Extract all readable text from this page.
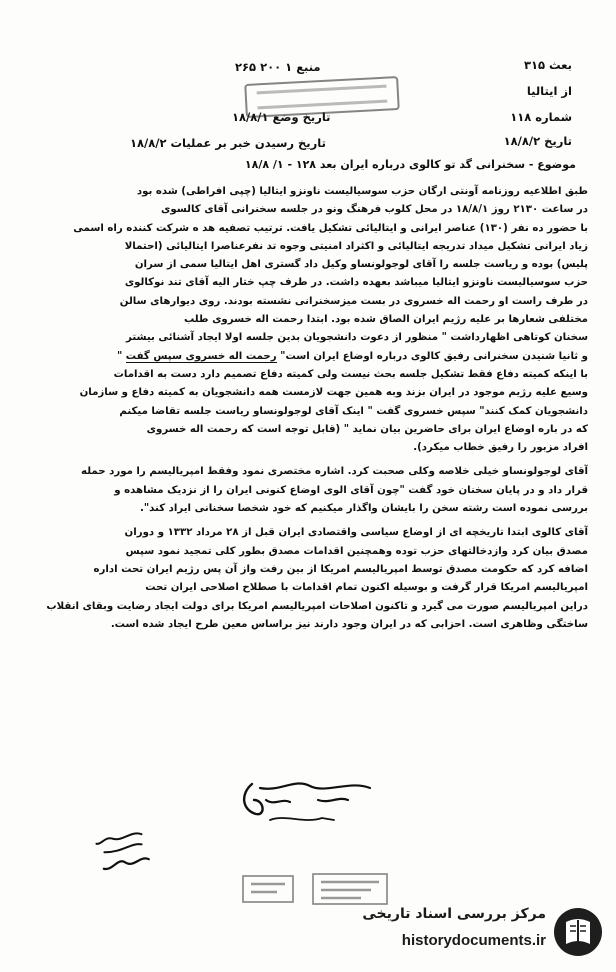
بعث ۳۱۵
از ایتالیا
شماره ۱۱۸
تاریخ ۱۸/۸/۲
منبع ۱ ۲۰۰ ۲۶۵
تاریخ وضع ۱۸/۸/۱
تاریخ رسیدن خبر بر عملیات ۱۸/۸/۲
موضوع - سخنرانی گد تو کالوی درباره ایران بعد ۱۲۸ - ۱/ ۱۸/۸
طبق اطلاعیه روزنامه آونتی ارگان حزب سوسیالیست ناونزو ایتالیا (چپی افراطی) شده بود
در ساعت ۲۱۳۰ روز ۱۸/۸/۱ در محل کلوب فرهنگ ونو در جلسه سخنرانی آقای کالسوی
با حضور ده نفر (۱۳۰) عناصر ایرانی و ایتالیائی تشکیل یافت. ترتیب تصفیه هد ه شرکت کننده راه اسمی
زیاد ایرانی تشکیل میداد تدریجه ایتالیائی و اکثراد امنیتی وجوه تد نفرعناصرا ایتالیائی (احتمالا
پلیس) بوده و ریاست جلسه را آقای لوجولونساو وکیل داد گستری اهل ایتالیا سمی از سران
حزب سوسیالیست ناونزو ایتالیا میباشد بعهده داشت. در طرف چپ ختار الیه آقای تند نوکالوی
در طرف راست او رحمت اله خسروی در بست میزسخنرانی نشسته بودند. روی دیوارهای سالن
مختلفی شعارها بر علیه رژیم ایران الصاق شده بود. ابتدا رحمت اله خسروی طلب
سخنان کوتاهی اظهارداشت " منظور از دعوت دانشجویان بدین جلسه اولا ایجاد آشنائی بیشتر
و ثانیا شنیدن سخنرانی رفیق کالوی درباره اوضاع ایران است" رحمت اله خسروی سپس گفت "
با اینکه کمیته دفاع فقط تشکیل جلسه بحث نیست ولی کمیته دفاع تصمیم دارد دست به اقدامات
وسیع علیه رژیم موجود در ایران بزند وبه همین جهت لازمست همه دانشجویان به کمیته دفاع و سازمان
دانشجویان کمک کنند" سپس خسروی گفت " اینک آقای لوجولونساو ریاست جلسه تقاضا میکنم
که در باره اوضاع ایران برای حاضرین بیان نماید " (قابل توجه است که رحمت اله خسروی
افراد مزبور را رفیق خطاب میکرد).
آقای لوجولونساو خیلی خلاصه وکلی صحبت کرد. اشاره مختصری نمود وفقط امپریالیسم را مورد حمله
قرار داد و در پایان سخنان خود گفت "چون آقای الوی اوضاع کنونی ایران را از نزدیک مشاهده و
بررسی نموده است رشته سخن را بایشان واگذار میکنیم که خود شخصا سخنانی ایراد کند".
آقای کالوی ابتدا تاریخچه ای از اوضاع سیاسی واقتصادی ایران قبل از ۲۸ مرداد ۱۳۳۲ و دوران
مصدق بیان کرد وازدخالتهای حزب توده وهمچنین اقدامات مصدق بطور کلی تمجید نمود سپس
اضافه کرد که حکومت مصدق توسط امپریالیسم امریکا از بین رفت واز آن پس رژیم ایران تحت اداره
امپریالیسم امریکا قرار گرفت و بوسیله اکنون تمام اقدامات با صطلاح اصلاحی ایران تحت
دراین امپریالیسم صورت می گیرد و تاکنون اصلاحات امپریالیسم امریکا برای دولت ایجاد رضایت وبقای انقلاب
ساختگی وظاهری است. احزابی که در ایران وجود دارند نیز براساس معین طرح ایجاد شده است.
مرکز بررسی اسناد تاریخی
historydocuments.ir
